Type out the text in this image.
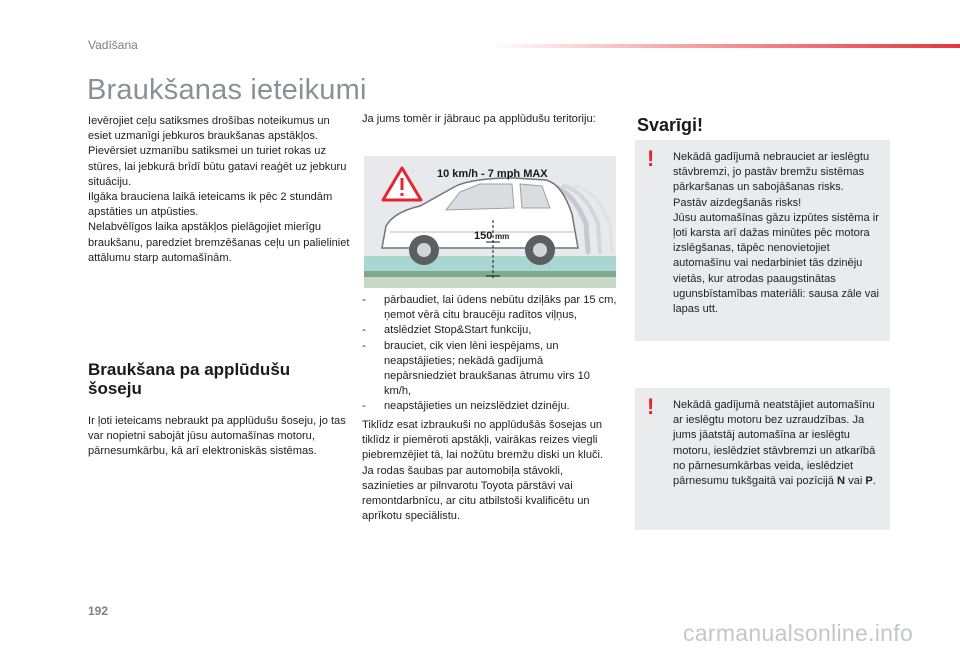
Vadīšana
Braukšanas ieteikumi

Ievērojiet ceļu satiksmes drošības noteikumus un esiet uzmanīgi jebkuros braukšanas apstākļos.

Pievērsiet uzmanību satiksmei un turiet rokas uz stūres, lai jebkurā brīdī būtu gatavi reaģēt uz jebkuru situāciju.

Ilgāka brauciena laikā ieteicams ik pēc 2 stundām apstāties un atpūsties.

Nelabvēlīgos laika apstākļos pielāgojiet mierīgu braukšanu, paredziet bremzēšanas ceļu un palieliniet attālumu starp automašīnām.

Braukšana pa applūdušu šoseju
Ir ļoti ieteicams nebraukt pa applūdušu šoseju, jo tas var nopietni sabojāt jūsu automašīnas motoru, pārnesumkārbu, kā arī elektroniskās sistēmas.
Ja jums tomēr ir jābrauc pa applūdušu teritoriju:
10 km/h - 7 mph MAX
150 mm
-	pārbaudiet, lai ūdens nebūtu dziļāks par 15 cm, ņemot vērā citu braucēju radītos viļņus,
-	atslēdziet Stop&Start funkciju,
-	brauciet, cik vien lēni iespējams, un neapstājieties; nekādā gadījumā nepārsniedziet braukšanas ātrumu virs 10 km/h,
-	neapstājieties un neizslēdziet dzinēju.

Tiklīdz esat izbraukuši no applūdušās šosejas un tiklīdz ir piemēroti apstākļi, vairākas reizes viegli piebremzējiet tā, lai nožūtu bremžu diski un kluči.

Ja rodas šaubas par automobiļa stāvokli, sazinieties ar pilnvarotu Toyota pārstāvi vai remontdarbnīcu, ar citu atbilstoši kvalificētu un aprīkotu speciālistu.

Svarīgi!
! Nekādā gadījumā nebrauciet ar ieslēgtu stāvbremzi, jo pastāv bremžu sistēmas pārkaršanas un sabojāšanas risks.

Pastāv aizdegšanās risks!

Jūsu automašīnas gāzu izpūtes sistēma ir ļoti karsta arī dažas minūtes pēc motora izslēgšanas, tāpēc nenovietojiet automašīnu vai nedarbiniet tās dzinēju vietās, kur atrodas paaugstinātas ugunsbīstamības materiāli: sausa zāle vai lapas utt.

! Nekādā gadījumā neatstājiet automašīnu ar ieslēgtu motoru bez uzraudzības. Ja jums jāatstāj automašīna ar ieslēgtu motoru, ieslēdziet stāvbremzi un atkarībā no pārnesumkārbas veida, ieslēdziet pārnesumu tukšgaitā vai pozīcijā N vai P.
192
carmanualsonline.info
